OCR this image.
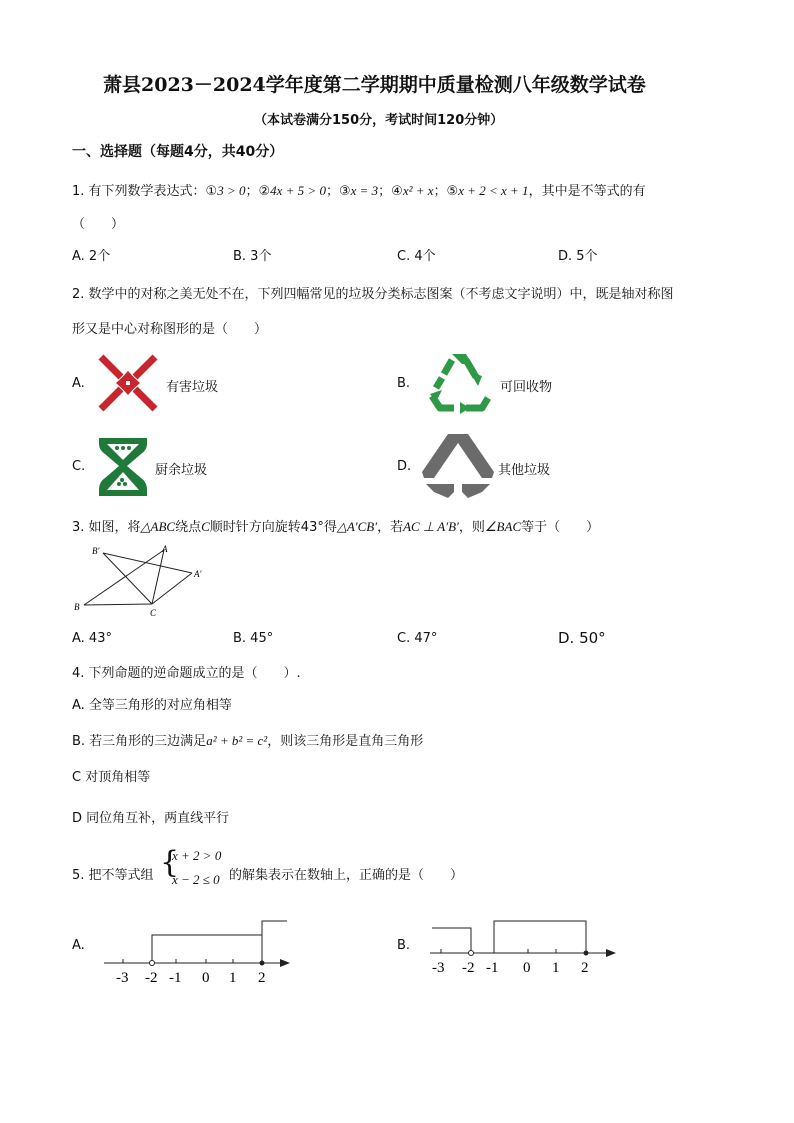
萧县2023－2024学年度第二学期期中质量检测八年级数学试卷
（本试卷满分150分，考试时间120分钟）
一、选择题（每题4分，共40分）
1. 有下列数学表达式：①3 > 0；②4x + 5 > 0；③x = 3；④x² + x；⑤x + 2 < x + 1，其中是不等式的有
（　　）
A. 2个	B. 3个	C. 4个	D. 5个
2. 数学中的对称之美无处不在，下列四幅常见的垃圾分类标志图案（不考虑文字说明）中，既是轴对称图
形又是中心对称图形的是（　　）
A.	有害垃圾	B.	可回收物
C.	厨余垃圾	D.	其他垃圾
3. 如图，将△ABC绕点C顺时针方向旋转43°得△A′CB′，若AC ⊥ A′B′，则∠BAC等于（　　）
B′	A
A′
B
C
A. 43°	B. 45°	C. 47°	D. 50°
4. 下列命题的逆命题成立的是（　　）.
A. 全等三角形的对应角相等
B. 若三角形的三边满足a² + b² = c²，则该三角形是直角三角形
C 对顶角相等
D 同位角互补，两直线平行
5. 把不等式组 {
x + 2 > 0
x − 2 ≤ 0 的解集表示在数轴上，正确的是（　　）
A.
-3 -2 -1 0 1 2
B.
-3 -2 -1 0 1 2
